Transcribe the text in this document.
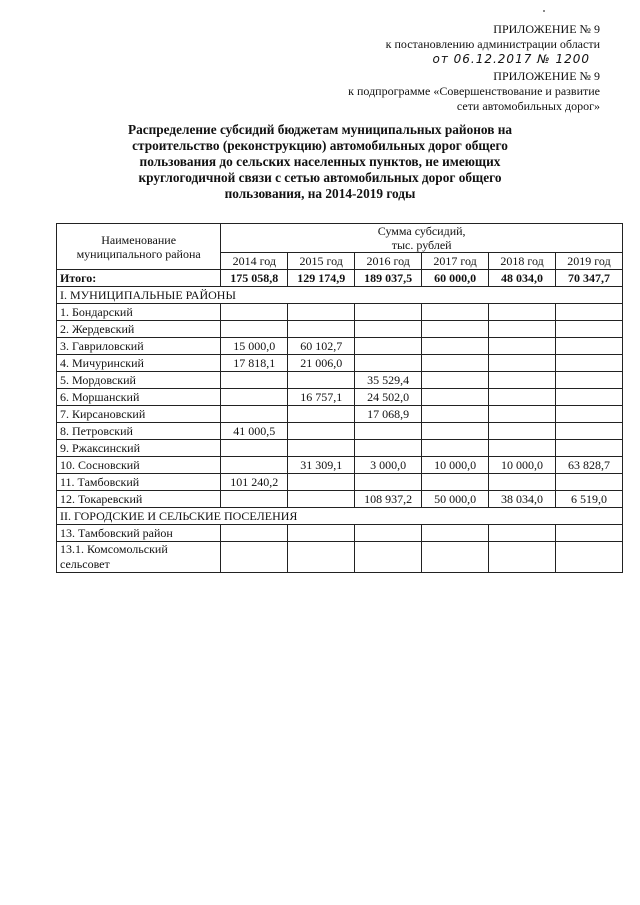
ПРИЛОЖЕНИЕ № 9
к постановлению администрации области
от 06.12.2017 № 1200
ПРИЛОЖЕНИЕ № 9
к подпрограмме «Совершенствование и развитие
сети автомобильных дорог»
Распределение субсидий бюджетам муниципальных районов на строительство (реконструкцию) автомобильных дорог общего пользования до сельских населенных пунктов, не имеющих круглогодичной связи с сетью автомобильных дорог общего пользования, на 2014-2019 годы
Наименование муниципального района	Сумма субсидий,
тыс. рублей					
	2014 год	2015 год	2016 год	2017 год	2018 год	2019 год
Итого:	175 058,8	129 174,9	189 037,5	60 000,0	48 034,0	70 347,7
I. МУНИЦИПАЛЬНЫЕ РАЙОНЫ						
1. Бондарский						
2. Жердевский						
3. Гавриловский	15 000,0	60 102,7				
4. Мичуринский	17 818,1	21 006,0				
5. Мордовский			35 529,4			
6. Моршанский		16 757,1	24 502,0			
7. Кирсановский			17 068,9			
8. Петровский	41 000,5					
9. Ржаксинский						
10. Сосновский		31 309,1	3 000,0	10 000,0	10 000,0	63 828,7
11. Тамбовский	101 240,2					
12. Токаревский			108 937,2	50 000,0	38 034,0	6 519,0
II. ГОРОДСКИЕ И СЕЛЬСКИЕ ПОСЕЛЕНИЯ						
13. Тамбовский район						
13.1. Комсомольский сельсовет						
